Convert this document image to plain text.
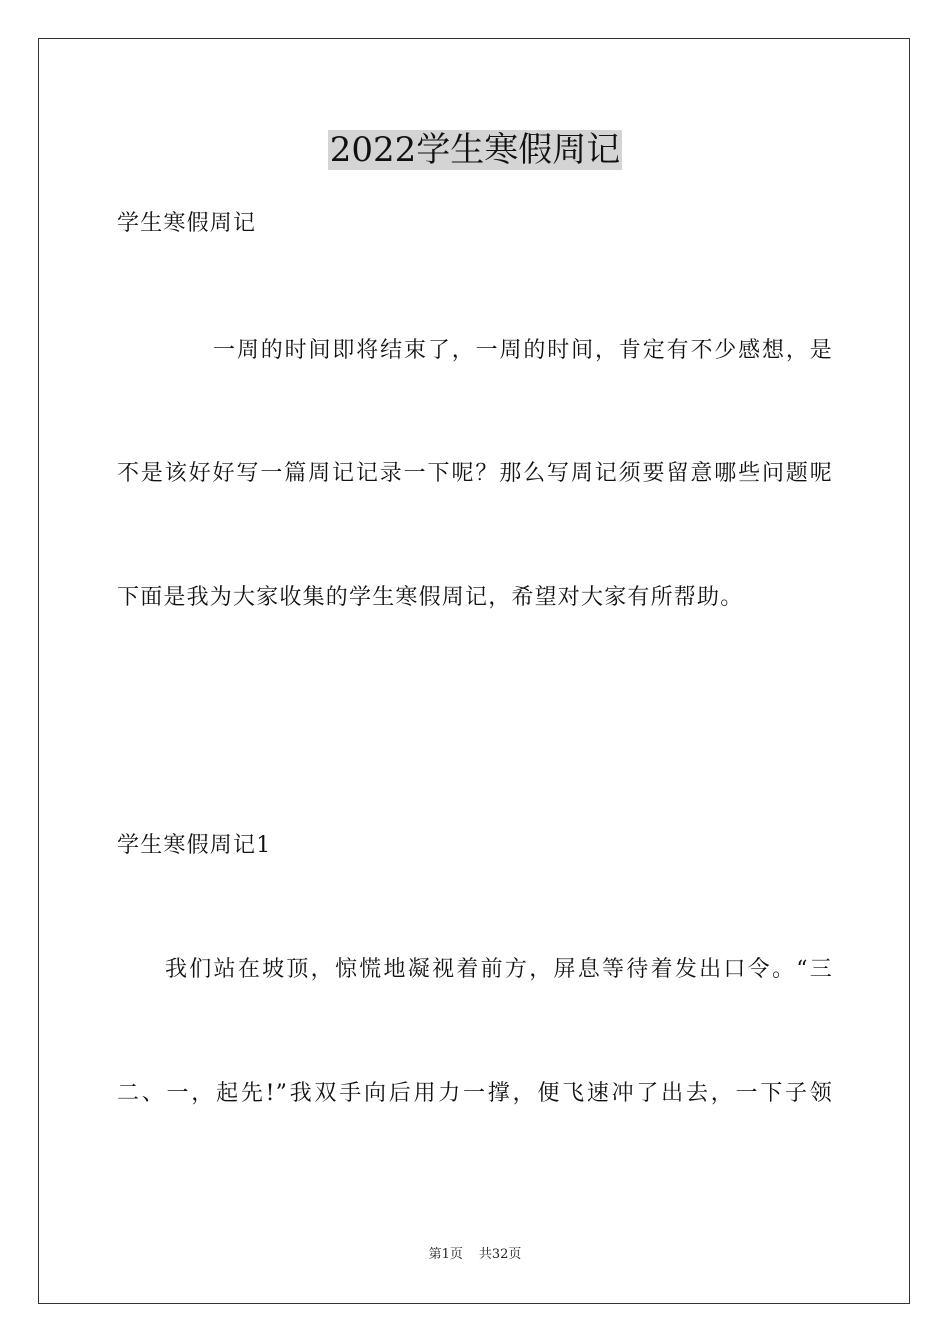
2022学生寒假周记
学生寒假周记
一周的时间即将结束了，一周的时间，肯定有不少感想，是
不是该好好写一篇周记记录一下呢？那么写周记须要留意哪些问题呢
下面是我为大家收集的学生寒假周记，希望对大家有所帮助。
学生寒假周记1
我们站在坡顶，惊慌地凝视着前方，屏息等待着发出口令。“三
二、一，起先!”我双手向后用力一撑，便飞速冲了出去，一下子领
第1页 共32页
